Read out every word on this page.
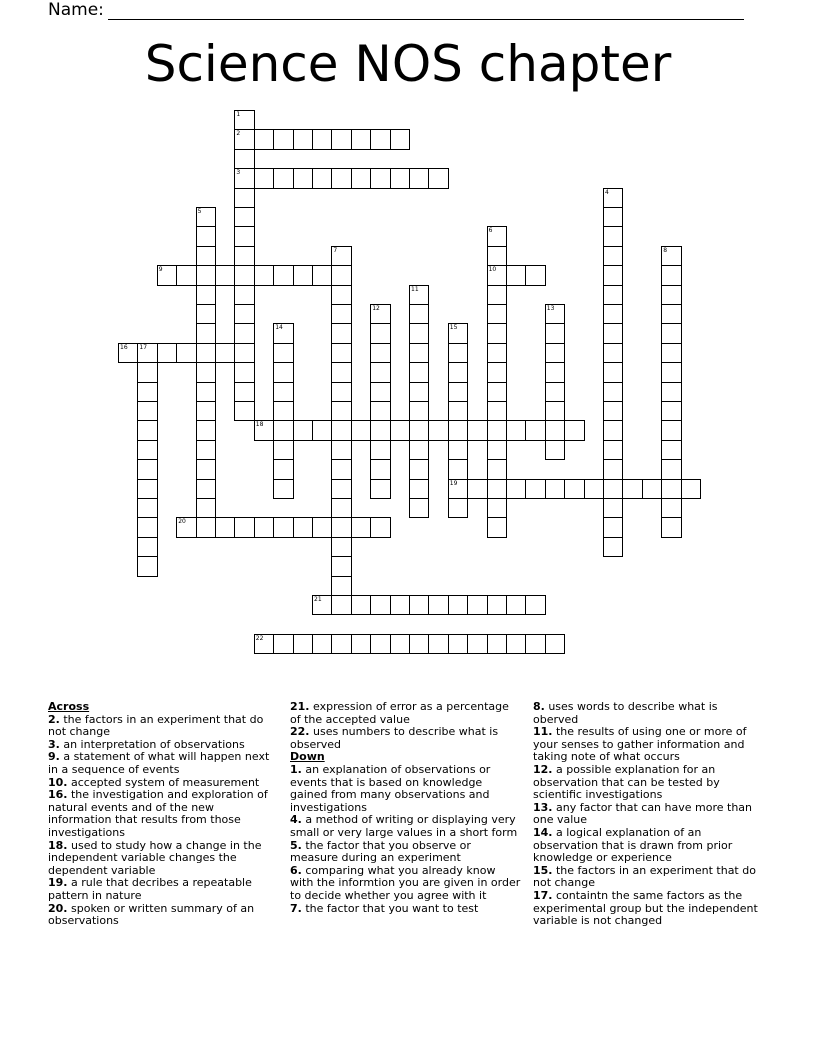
Name:
Science NOS chapter
1
2
3
4
5
6
10
7	8
9
11
12	13
14	15
19
16 17
18
20
21
22
Across
2. the factors in an experiment that do not change
3. an interpretation of observations
9. a statement of what will happen next in a sequence of events
10. accepted system of measurement
16. the investigation and exploration of natural events and of the new information that results from those investigations
18. used to study how a change in the independent variable changes the dependent variable
19. a rule that decribes a repeatable pattern in nature
20. spoken or written summary of an observations
21. expression of error as a percentage of the accepted value
22. uses numbers to describe what is observed
Down
1. an explanation of observations or events that is based on knowledge gained from many observations and investigations
4. a method of writing or displaying very small or very large values in a short form
5. the factor that you observe or measure during an experiment
6. comparing what you already know with the informtion you are given in order to decide whether you agree with it
7. the factor that you want to test
8. uses words to describe what is oberved
11. the results of using one or more of your senses to gather information and taking note of what occurs
12. a possible explanation for an observation that can be tested by scientific investigations
13. any factor that can have more than one value
14. a logical explanation of an observation that is drawn from prior knowledge or experience
15. the factors in an experiment that do not change
17. containtn the same factors as the experimental group but the independent variable is not changed
